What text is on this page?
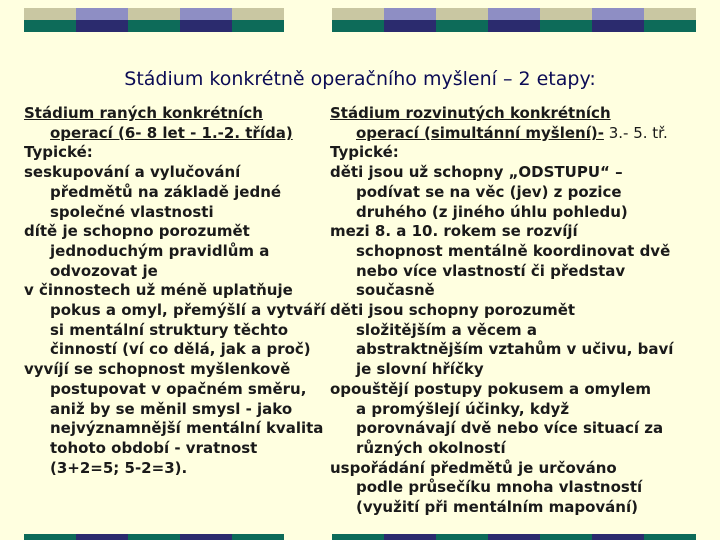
Stádium konkrétně operačního myšlení – 2 etapy:
Stádium raných konkrétních
operací (6- 8 let - 1.-2. třída)
Typické:
seskupování a vylučování
předmětů na základě jedné
společné vlastnosti
dítě je schopno porozumět
jednoduchým pravidlům a
odvozovat je
v činnostech už méně uplatňuje
pokus a omyl, přemýšlí a vytváří
si mentální struktury těchto
činností (ví co dělá, jak a proč)
vyvíjí se schopnost myšlenkově
postupovat v opačném směru,
aniž by se měnil smysl - jako
nejvýznamnější mentální kvalita
tohoto období - vratnost
(3+2=5; 5-2=3).
Stádium rozvinutých konkrétních
operací (simultánní myšlení)- 3.- 5. tř.
Typické:
děti jsou už schopny „ODSTUPU“ –
podívat se na věc (jev) z pozice
druhého (z jiného úhlu pohledu)
mezi 8. a 10. rokem se rozvíjí
schopnost mentálně koordinovat dvě
nebo více vlastností či představ
současně
děti jsou schopny porozumět
složitějším a věcem a
abstraktnějším vztahům v učivu, baví
je slovní hříčky
opouštějí postupy pokusem a omylem
a promýšlejí účinky, když
porovnávají dvě nebo více situací za
různých okolností
uspořádání předmětů je určováno
podle průsečíku mnoha vlastností
(využití při mentálním mapování)
